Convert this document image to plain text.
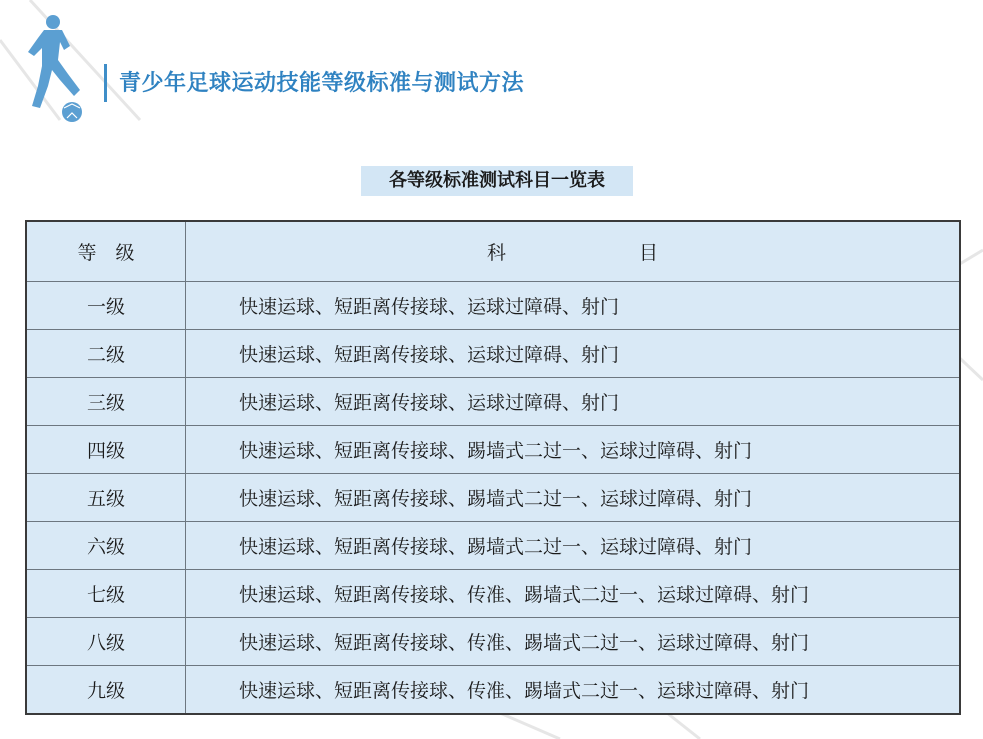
青少年足球运动技能等级标准与测试方法
各等级标准测试科目一览表
等　级	科　　　　　　　目
一级	快速运球、短距离传接球、运球过障碍、射门
二级	快速运球、短距离传接球、运球过障碍、射门
三级	快速运球、短距离传接球、运球过障碍、射门
四级	快速运球、短距离传接球、踢墙式二过一、运球过障碍、射门
五级	快速运球、短距离传接球、踢墙式二过一、运球过障碍、射门
六级	快速运球、短距离传接球、踢墙式二过一、运球过障碍、射门
七级	快速运球、短距离传接球、传准、踢墙式二过一、运球过障碍、射门
八级	快速运球、短距离传接球、传准、踢墙式二过一、运球过障碍、射门
九级	快速运球、短距离传接球、传准、踢墙式二过一、运球过障碍、射门
